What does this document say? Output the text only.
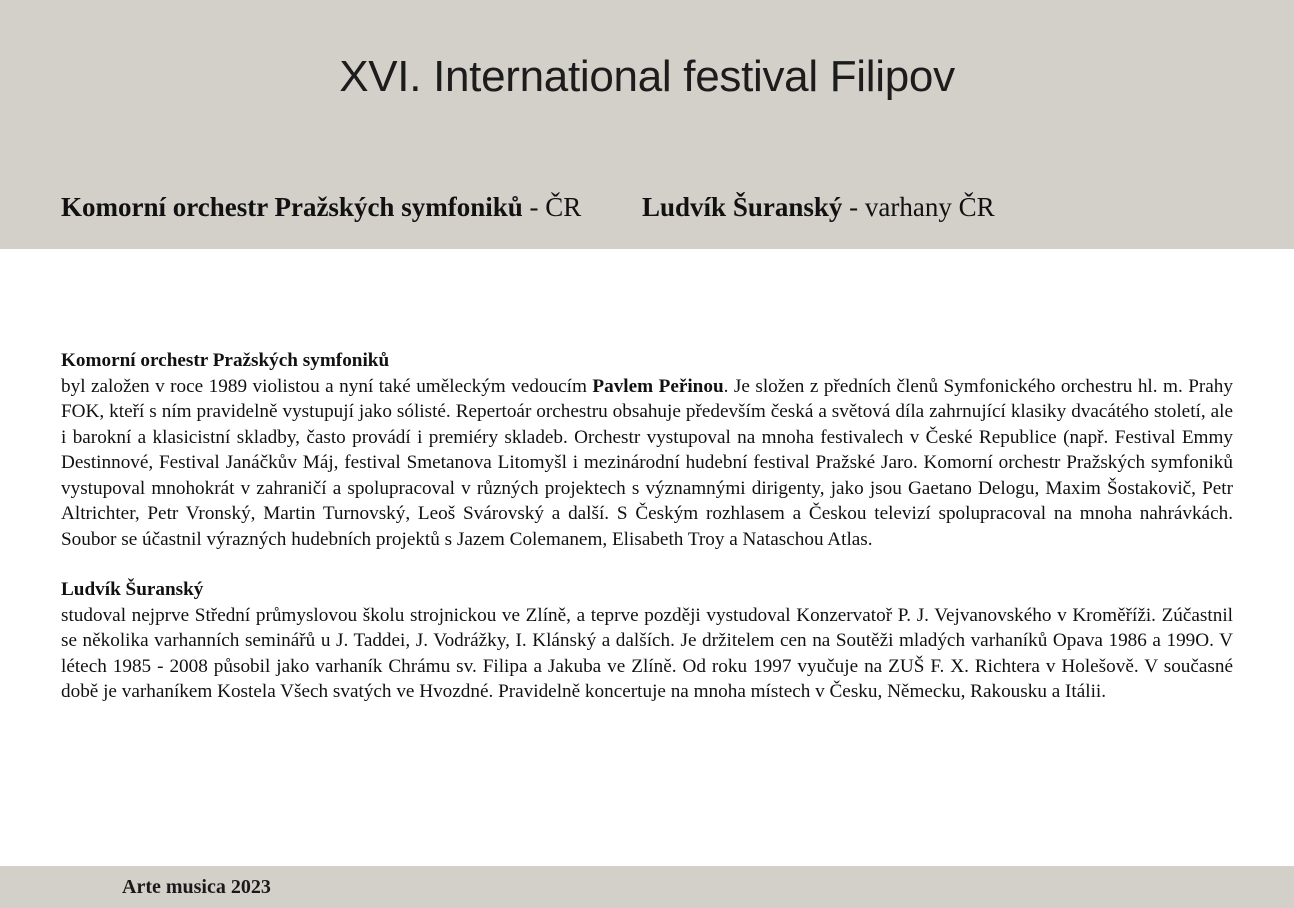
XVI. International festival Filipov
Komorní orchestr Pražských symfoniků - ČR Ludvík Šuranský - varhany ČR

Komorní orchestr Pražských symfoniků

byl založen v roce 1989 violistou a nyní také uměleckým vedoucím Pavlem Peřinou. Je složen z předních členů Symfonického orchestru hl. m. Prahy FOK, kteří s ním pravidelně vystupují jako sólisté. Repertoár orchestru obsahuje především česká a světová díla zahrnující klasiky dvacátého století, ale i barokní a klasicistní skladby, často provádí i premiéry skladeb. Orchestr vystupoval na mnoha festivalech v České Republice (např. Festival Emmy Destinnové, Festival Janáčkův Máj, festival Smetanova Litomyšl i mezinárodní hudební festival Pražské Jaro. Komorní orchestr Pražských symfoniků vystupoval mnohokrát v zahraničí a spolupracoval v různých projektech s významnými dirigenty, jako jsou Gaetano Delogu, Maxim Šostakovič, Petr Altrichter, Petr Vronský, Martin Turnovský, Leoš Svárovský a další. S Českým rozhlasem a Českou televizí spolupracoval na mnoha nahrávkách. Soubor se účastnil výrazných hudebních projektů s Jazem Colemanem, Elisabeth Troy a Nataschou Atlas.

Ludvík Šuranský

studoval nejprve Střední průmyslovou školu strojnickou ve Zlíně, a teprve později vystudoval Konzervatoř P. J. Vejvanovského v Kroměříži. Zúčastnil se několika varhanních seminářů u J. Taddei, J. Vodrážky, I. Klánský a dalších. Je držitelem cen na Soutěži mladých varhaníků Opava 1986 a 199O. V létech 1985 - 2008 působil jako varhaník Chrámu sv. Filipa a Jakuba ve Zlíně. Od roku 1997 vyučuje na ZUŠ F. X. Richtera v Holešově. V současné době je varhaníkem Kostela Všech svatých ve Hvozdné. Pravidelně koncertuje na mnoha místech v Česku, Německu, Rakousku a Itálii.

Arte musica 2023
